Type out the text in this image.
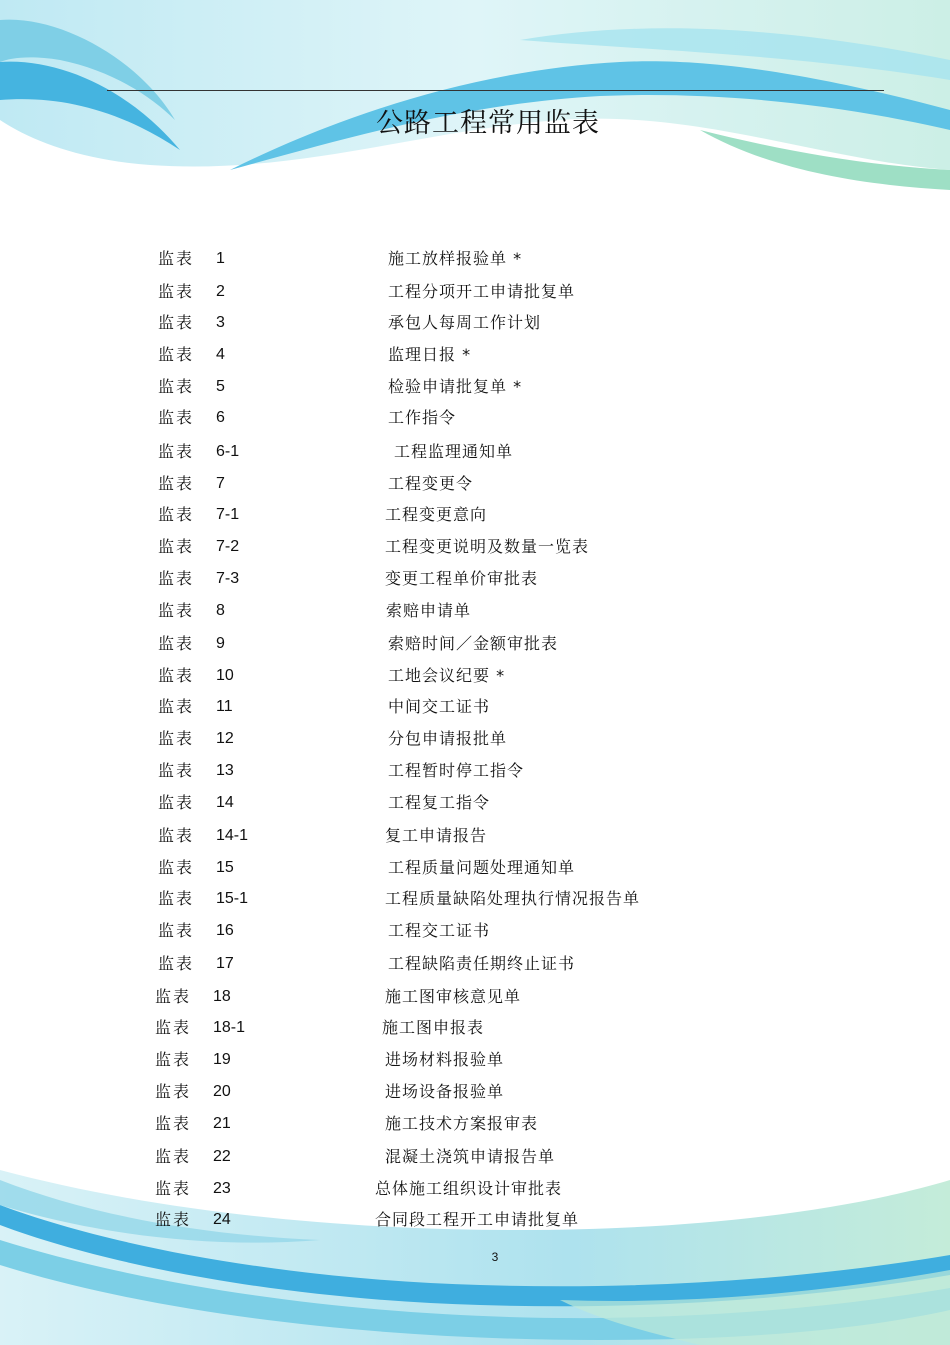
公路工程常用监表
监表 1	施工放样报验单 *
监表 2	工程分项开工申请批复单
监表 3	承包人每周工作计划
监表 4	监理日报 *
监表 5	检验申请批复单 *
监表 6	工作指令
监表 6-1	工程监理通知单
监表 7	工程变更令
监表 7-1	工程变更意向
监表 7-2	工程变更说明及数量一览表
监表 7-3	变更工程单价审批表
监表 8	索赔申请单
监表 9	索赔时间／金额审批表
监表 10	工地会议纪要 *
监表 11	中间交工证书
监表 12	分包申请报批单
监表 13	工程暂时停工指令
监表 14	工程复工指令
监表 14-1	复工申请报告
监表 15	工程质量问题处理通知单
监表 15-1	工程质量缺陷处理执行情况报告单
监表 16	工程交工证书
监表 17	工程缺陷责任期终止证书
监表 18	施工图审核意见单
监表 18-1	施工图申报表
监表 19	进场材料报验单
监表 20	进场设备报验单
监表 21	施工技术方案报审表
监表 22	混凝土浇筑申请报告单
监表 23	总体施工组织设计审批表
监表 24	合同段工程开工申请批复单
3
